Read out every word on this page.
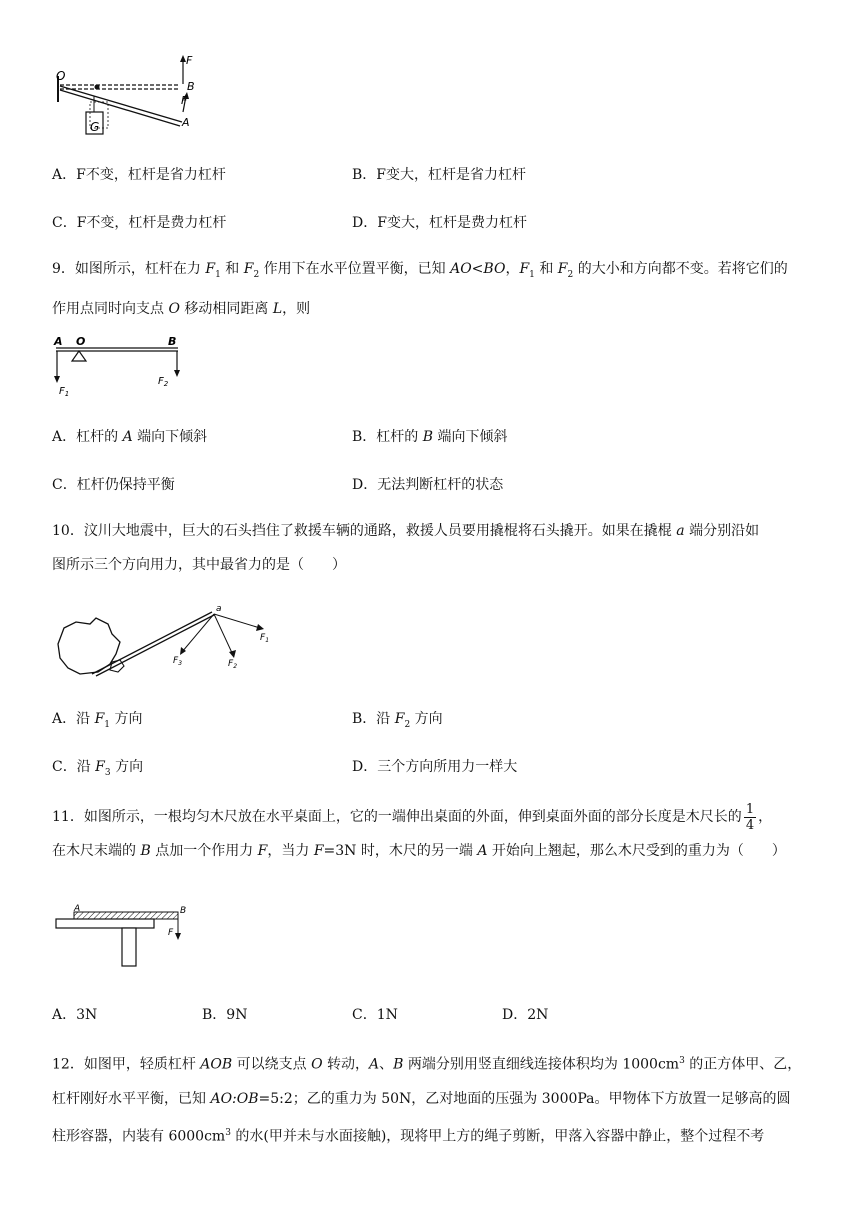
G
O
F
B
F
A
A．F不变，杠杆是省力杠杆	B．F变大，杠杆是省力杠杆
C．F不变，杠杆是费力杠杆	D．F变大，杠杆是费力杠杆

9．如图所示，杠杆在力 $F_1$ 和 $F_2$ 作用下在水平位置平衡，已知 AO<BO，$F_1$ 和 $F_2$ 的大小和方向都不变。若将它们的

作用点同时向支点 O 移动相同距离 L，则

A O	B
$F_1$
$F_2$
A．杠杆的 A 端向下倾斜	B．杠杆的 B 端向下倾斜
C．杠杆仍保持平衡	D．无法判断杠杆的状态

10．汶川大地震中，巨大的石头挡住了救援车辆的通路，救援人员要用撬棍将石头撬开。如果在撬棍 a 端分别沿如

图所示三个方向用力，其中最省力的是（　　）

a
$F_3$	$F_2$
$F_1$
A．沿 $F_1$ 方向	B．沿 $F_2$ 方向
C．沿 $F_3$ 方向	D．三个方向所用力一样大

11．如图所示，一根均匀木尺放在水平桌面上，它的一端伸出桌面的外面，伸到桌面外面的部分长度是木尺长的 $\frac{1}{4}$ ，

在木尺末端的 B 点加一个作用力 F，当力 F=3N 时，木尺的另一端 A 开始向上翘起，那么木尺受到的重力为（　　）

A	B
F
A．3N	B．9N	C．1N	D．2N

12．如图甲，轻质杠杆 AOB 可以绕支点 O 转动，A、B 两端分别用竖直细线连接体积均为 $1000cm^3$ 的正方体甲、乙，

杠杆刚好水平平衡，已知 AO:OB=5:2；乙的重力为 50N，乙对地面的压强为 3000Pa。甲物体下方放置一足够高的圆

柱形容器，内装有 $6000cm^3$ 的水(甲并未与水面接触)，现将甲上方的绳子剪断，甲落入容器中静止，整个过程不考
